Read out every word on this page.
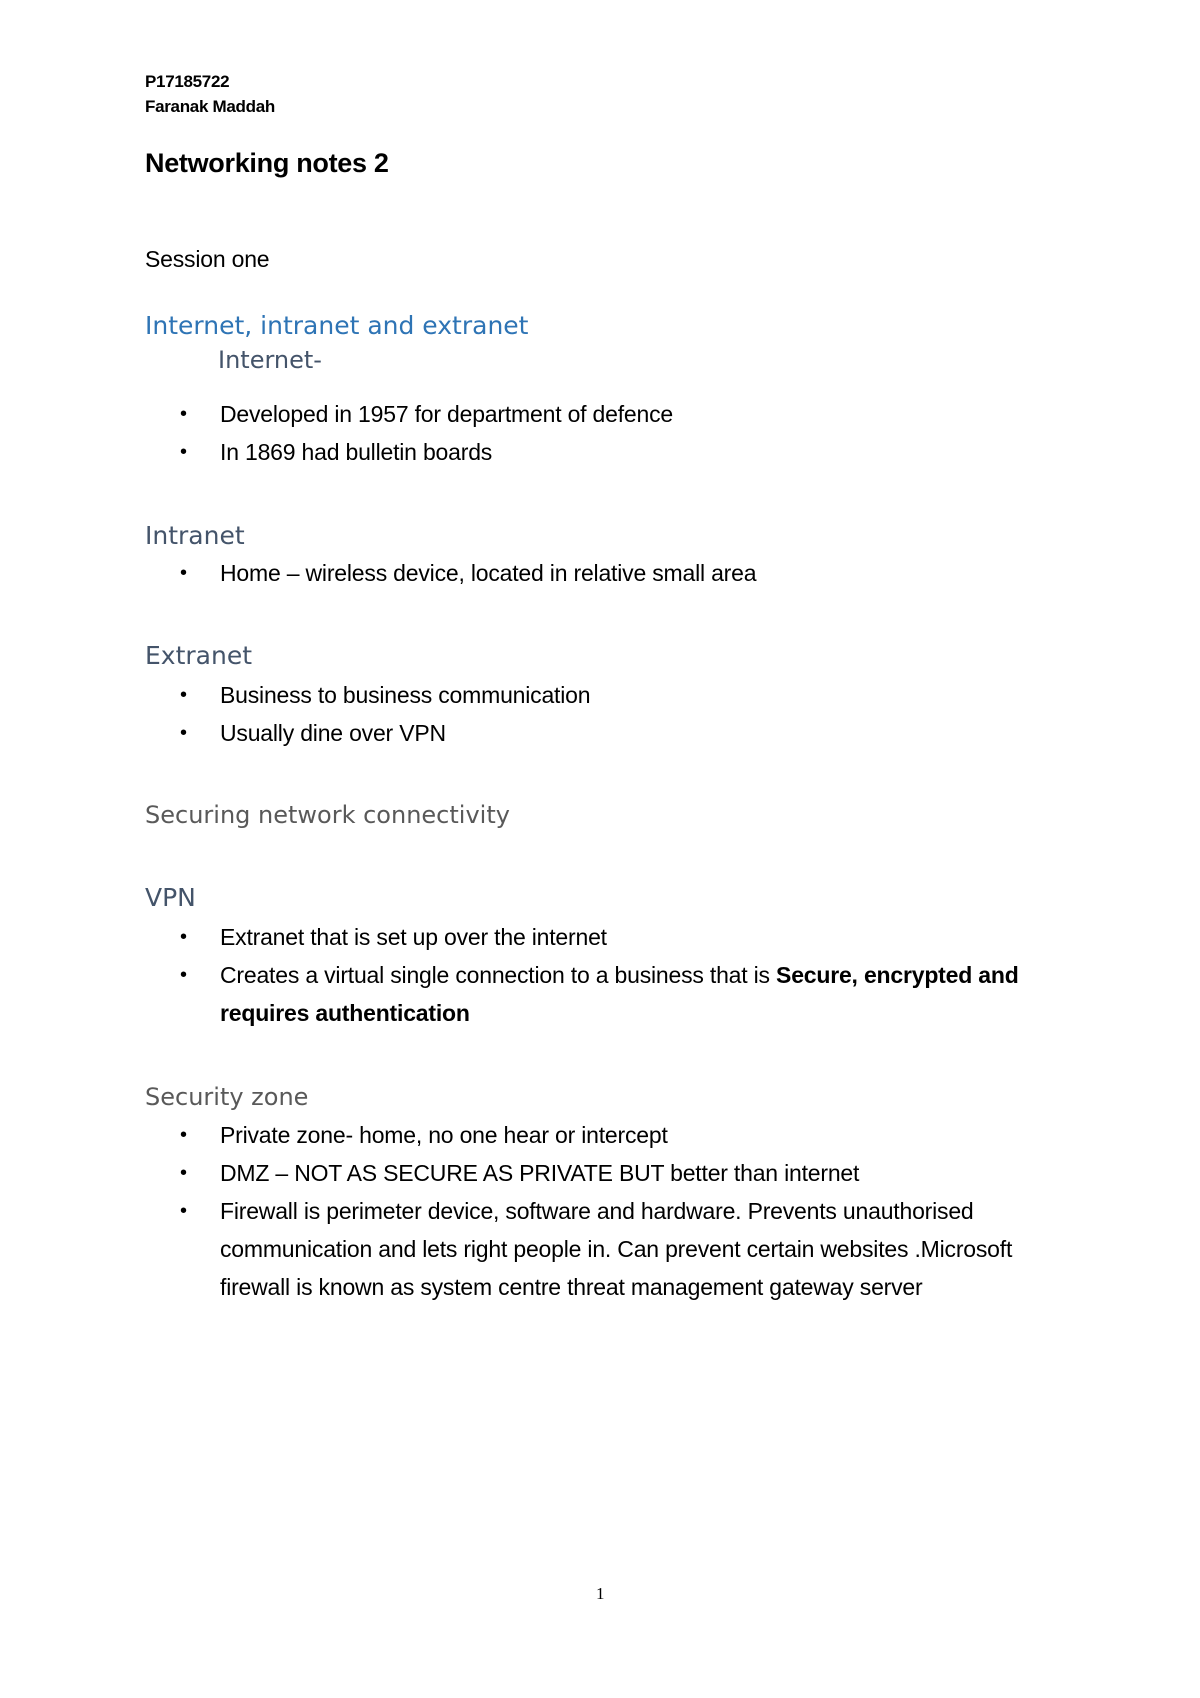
P17185722
Faranak Maddah
Networking notes 2
Session one
Internet, intranet and extranet
Internet-
•	Developed in 1957 for department of defence
•	In 1869 had bulletin boards
Intranet
•	Home – wireless device, located in relative small area
Extranet
•	Business to business communication
•	Usually dine over VPN
Securing network connectivity
VPN
•	Extranet that is set up over the internet
•	Creates a virtual single connection to a business that is Secure, encrypted and requires authentication
Security zone
•	Private zone- home, no one hear or intercept
•	DMZ – NOT AS SECURE AS PRIVATE BUT better than internet
•	Firewall is perimeter device, software and hardware. Prevents unauthorised communication and lets right people in. Can prevent certain websites .Microsoft firewall is known as system centre threat management gateway server
1
